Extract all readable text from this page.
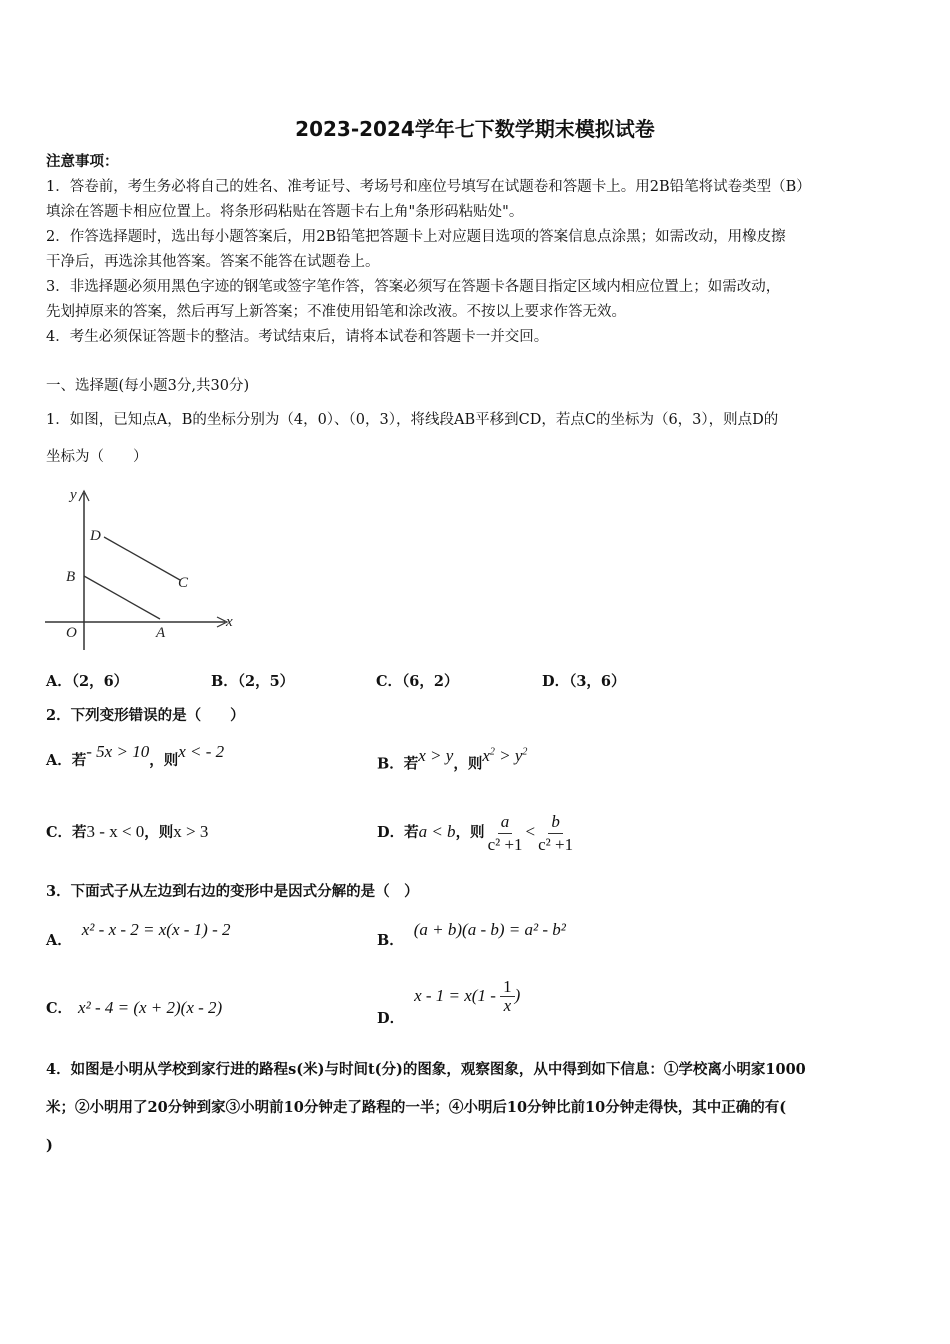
2023-2024学年七下数学期末模拟试卷
注意事项：
1．答卷前，考生务必将自己的姓名、准考证号、考场号和座位号填写在试题卷和答题卡上。用2B铅笔将试卷类型（B）
填涂在答题卡相应位置上。将条形码粘贴在答题卡右上角"条形码粘贴处"。
2．作答选择题时，选出每小题答案后，用2B铅笔把答题卡上对应题目选项的答案信息点涂黑；如需改动，用橡皮擦
干净后，再选涂其他答案。答案不能答在试题卷上。
3．非选择题必须用黑色字迹的钢笔或签字笔作答，答案必须写在答题卡各题目指定区域内相应位置上；如需改动，
先划掉原来的答案，然后再写上新答案；不准使用铅笔和涂改液。不按以上要求作答无效。
4．考生必须保证答题卡的整洁。考试结束后，请将本试卷和答题卡一并交回。
一、选择题(每小题3分,共30分)
1．如图，已知点A，B的坐标分别为（4，0）、（0，3），将线段AB平移到CD，若点C的坐标为（6，3），则点D的
坐标为（　　）
y
x
O	A
B	C
D
A．（2，6）	B．（2，5）	C．（6，2）	D．（3，6）
2．下列变形错误的是（　　）
A．若- 5x > 10，则x < - 2
B．若x > y，则$x^2 > y^2$
C．若3 - x < 0，则x > 3	D．若a < b，则 $\frac{a}{\text{c² +1}} < \frac{b}{\text{c² +1}}$
3．下面式子从左边到右边的变形中是因式分解的是（　）
A．x² - x - 2 = x(x - 1) - 2
B．(a + b)(a - b) = a² - b²
C． x² - 4 = (x + 2)(x - 2)
D．$x - 1 = x(1 - \frac{1}{x}$ )
4．如图是小明从学校到家行进的路程s(米)与时间t(分)的图象，观察图象，从中得到如下信息：①学校离小明家1000
米；②小明用了20分钟到家③小明前10分钟走了路程的一半；④小明后10分钟比前10分钟走得快，其中正确的有(
)
